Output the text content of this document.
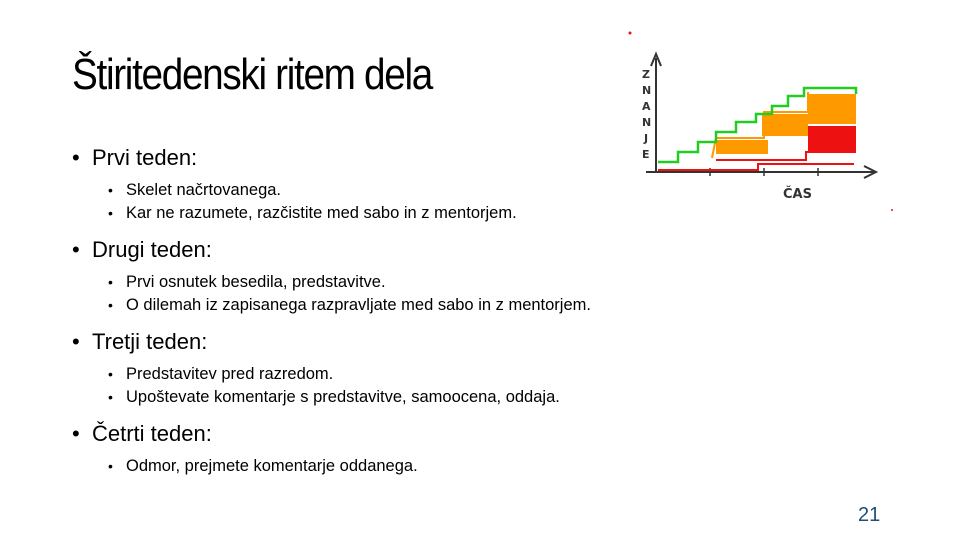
Štiritedenski ritem dela	Z
N
A
N
J
E
ČAS
• Prvi teden:
• Skelet načrtovanega.
• Kar ne razumete, razčistite med sabo in z mentorjem.
• Drugi teden:
• Prvi osnutek besedila, predstavitve.
• O dilemah iz zapisanega razpravljate med sabo in z mentorjem.
• Tretji teden:
• Predstavitev pred razredom.
• Upoštevate komentarje s predstavitve, samoocena, oddaja.
• Četrti teden:
• Odmor, prejmete komentarje oddanega.
21
